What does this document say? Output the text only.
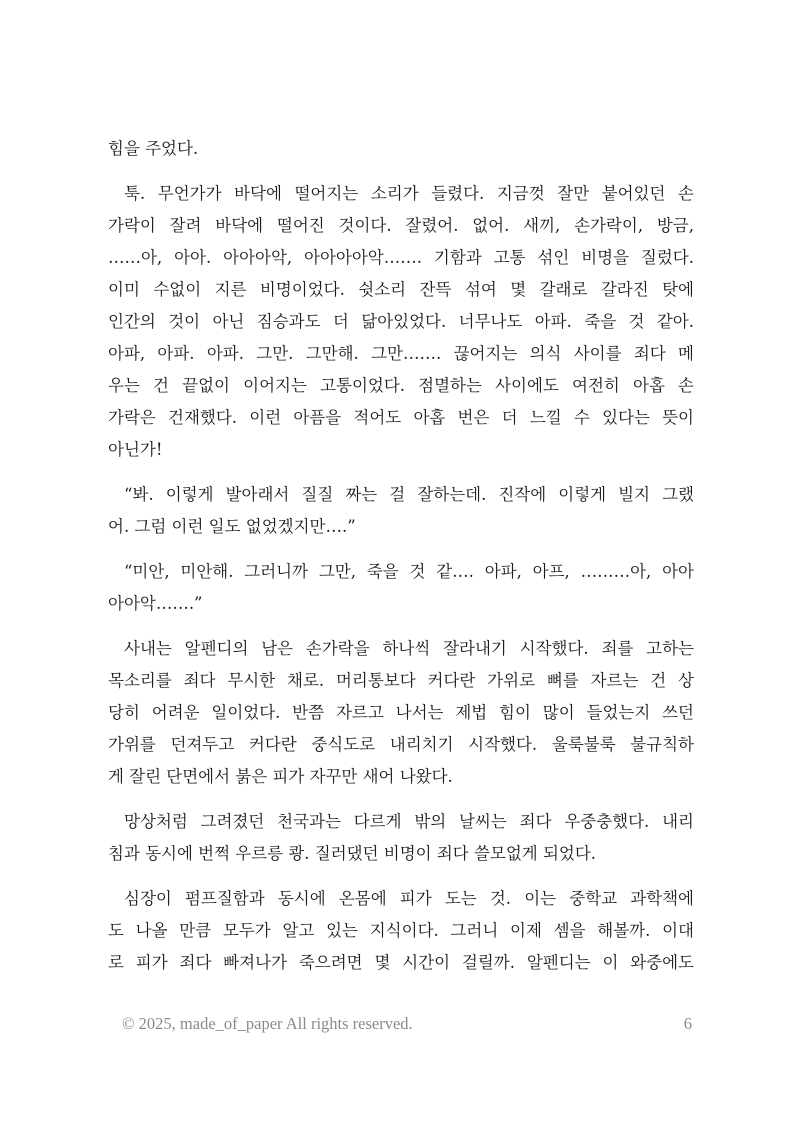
힘을 주었다.

툭. 무언가가 바닥에 떨어지는 소리가 들렸다. 지금껏 잘만 붙어있던 손
가락이 잘려 바닥에 떨어진 것이다. 잘렸어. 없어. 새끼, 손가락이, 방금,
……아, 아아. 아아아악, 아아아아악……. 기함과 고통 섞인 비명을 질렀다.
이미 수없이 지른 비명이었다. 쉿소리 잔뜩 섞여 몇 갈래로 갈라진 탓에
인간의 것이 아닌 짐승과도 더 닮아있었다. 너무나도 아파. 죽을 것 같아.
아파, 아파. 아파. 그만. 그만해. 그만……. 끊어지는 의식 사이를 죄다 메
우는 건 끝없이 이어지는 고통이었다. 점멸하는 사이에도 여전히 아홉 손
가락은 건재했다. 이런 아픔을 적어도 아홉 번은 더 느낄 수 있다는 뜻이
아닌가!

“봐. 이렇게 발아래서 질질 짜는 걸 잘하는데. 진작에 이렇게 빌지 그랬
어. 그럼 이런 일도 없었겠지만….”

“미안, 미안해. 그러니까 그만, 죽을 것 같…. 아파, 아프, ………아, 아아
아아악…….”

사내는 알펜디의 남은 손가락을 하나씩 잘라내기 시작했다. 죄를 고하는
목소리를 죄다 무시한 채로. 머리통보다 커다란 가위로 뼈를 자르는 건 상
당히 어려운 일이었다. 반쯤 자르고 나서는 제법 힘이 많이 들었는지 쓰던
가위를 던져두고 커다란 중식도로 내리치기 시작했다. 울룩불룩 불규칙하
게 잘린 단면에서 붉은 피가 자꾸만 새어 나왔다.

망상처럼 그려졌던 천국과는 다르게 밖의 날씨는 죄다 우중충했다. 내리
침과 동시에 번쩍 우르릉 쾅. 질러댔던 비명이 죄다 쓸모없게 되었다.

심장이 펌프질함과 동시에 온몸에 피가 도는 것. 이는 중학교 과학책에
도 나올 만큼 모두가 알고 있는 지식이다. 그러니 이제 셈을 해볼까. 이대
로 피가 죄다 빠져나가 죽으려면 몇 시간이 걸릴까. 알펜디는 이 와중에도

© 2025, made_of_paper All rights reserved.	6
